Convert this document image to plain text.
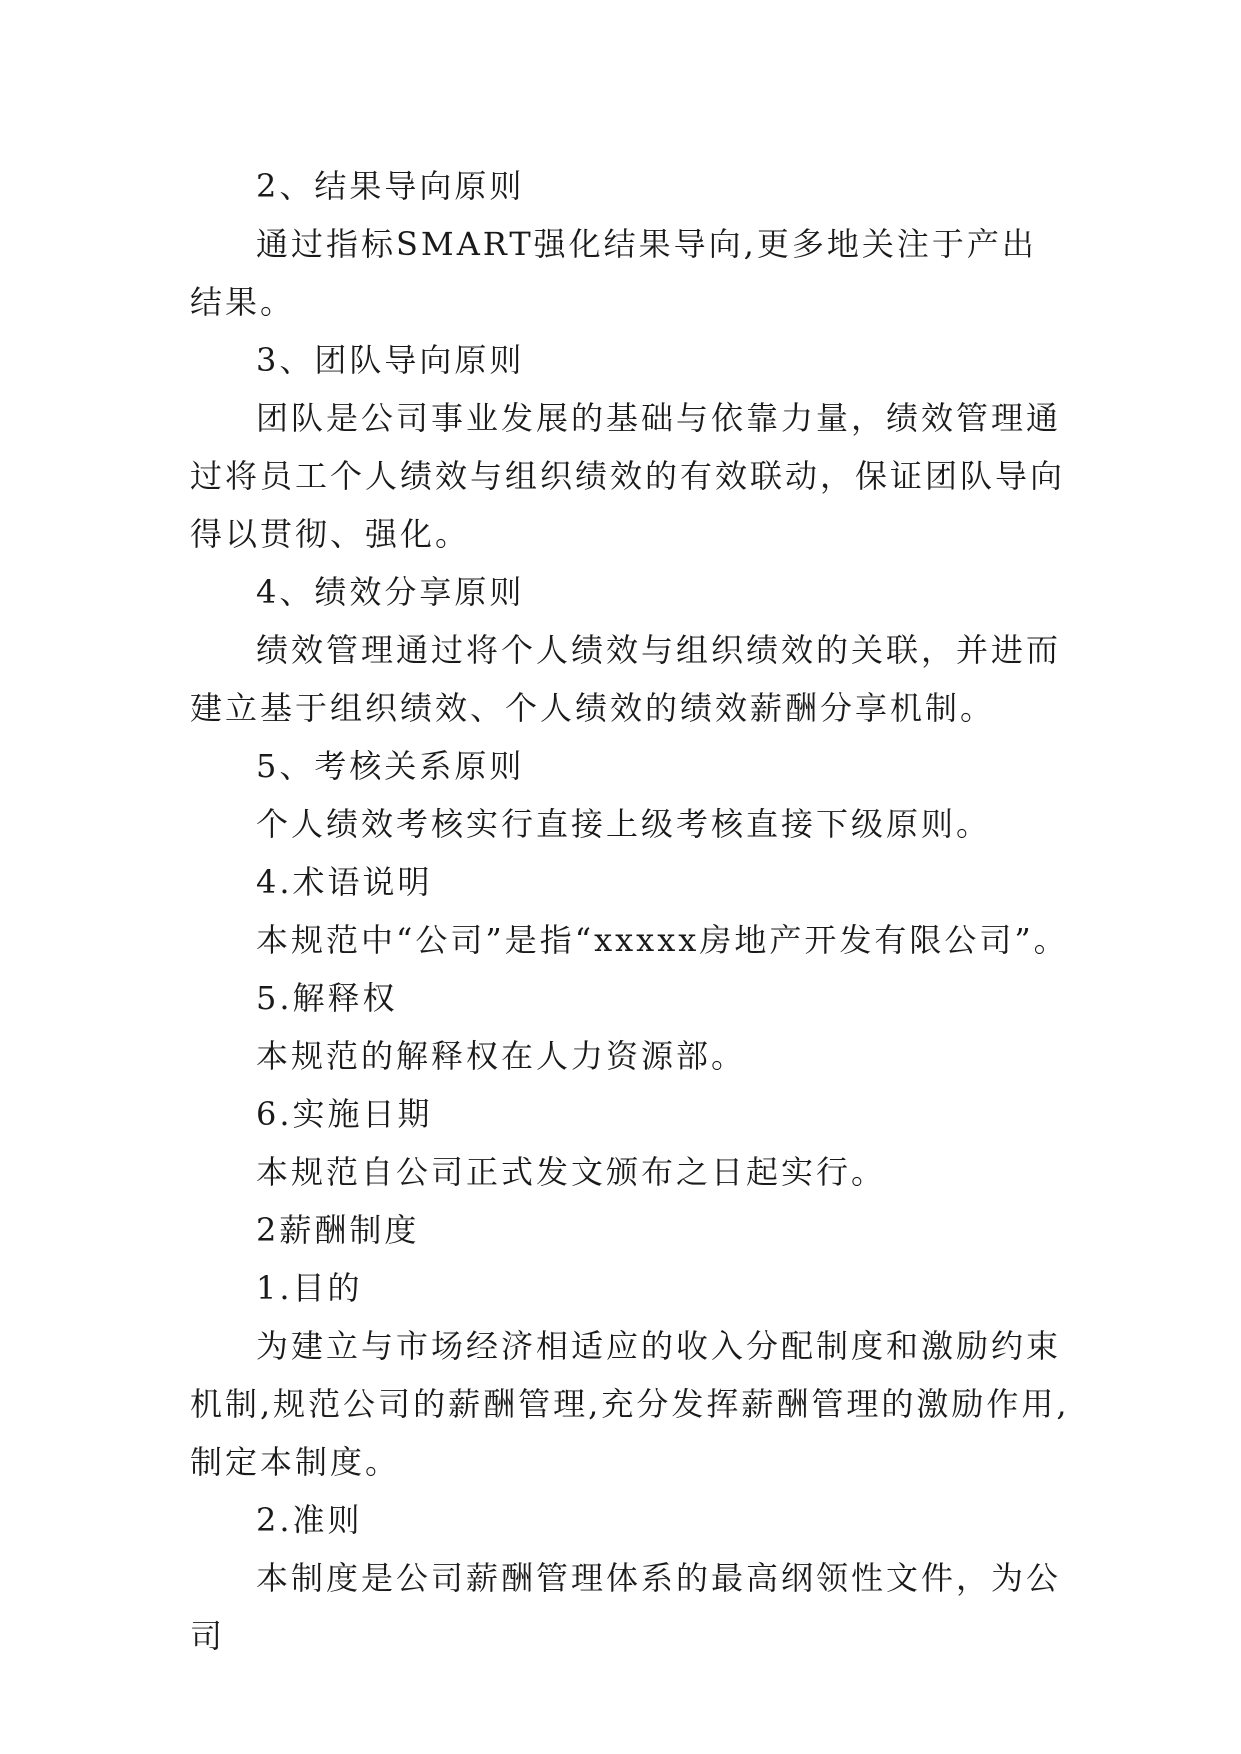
2、结果导向原则

通过指标SMART强化结果导向,更多地关注于产出结果。

3、团队导向原则

团队是公司事业发展的基础与依靠力量，绩效管理通过将员工个人绩效与组织绩效的有效联动，保证团队导向得以贯彻、强化。

4、绩效分享原则

绩效管理通过将个人绩效与组织绩效的关联，并进而建立基于组织绩效、个人绩效的绩效薪酬分享机制。

5、考核关系原则

个人绩效考核实行直接上级考核直接下级原则。

4.术语说明

本规范中“公司”是指“xxxxx房地产开发有限公司”。

5.解释权

本规范的解释权在人力资源部。

6.实施日期

本规范自公司正式发文颁布之日起实行。

2薪酬制度

1.目的

为建立与市场经济相适应的收入分配制度和激励约束机制,规范公司的薪酬管理,充分发挥薪酬管理的激励作用,制定本制度。

2.准则

本制度是公司薪酬管理体系的最高纲领性文件，为公司
